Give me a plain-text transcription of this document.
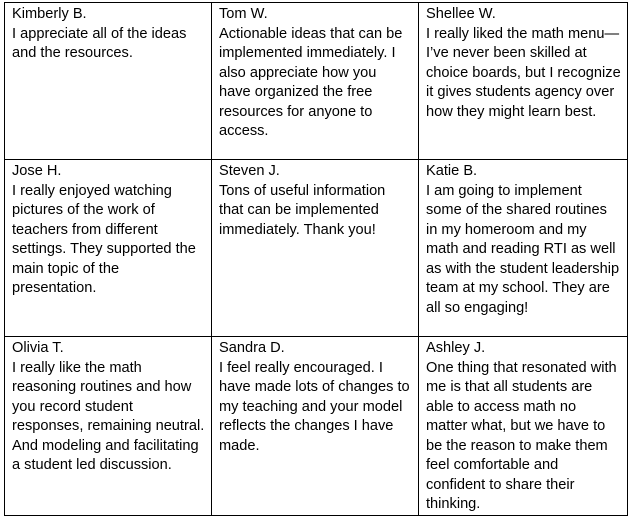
Kimberly B.
I appreciate all of the ideas and the resources.	Tom W.
Actionable ideas that can be implemented immediately. I also appreciate how you have organized the free resources for anyone to access.	Shellee W.
I really liked the math menu— I’ve never been skilled at choice boards, but I recognize it gives students agency over how they might learn best.

Jose H.
I really enjoyed watching pictures of the work of teachers from different settings. They supported the main topic of the presentation.	Steven J.
Tons of useful information that can be implemented immediately. Thank you!	Katie B.
I am going to implement some of the shared routines in my homeroom and my math and reading RTI as well as with the student leadership team at my school. They are all so engaging!

Olivia T.
I really like the math reasoning routines and how you record student responses, remaining neutral. And modeling and facilitating a student led discussion.	Sandra D.
I feel really encouraged. I have made lots of changes to my teaching and your model reflects the changes I have made.	Ashley J.
One thing that resonated with me is that all students are able to access math no matter what, but we have to be the reason to make them feel comfortable and confident to share their thinking.
